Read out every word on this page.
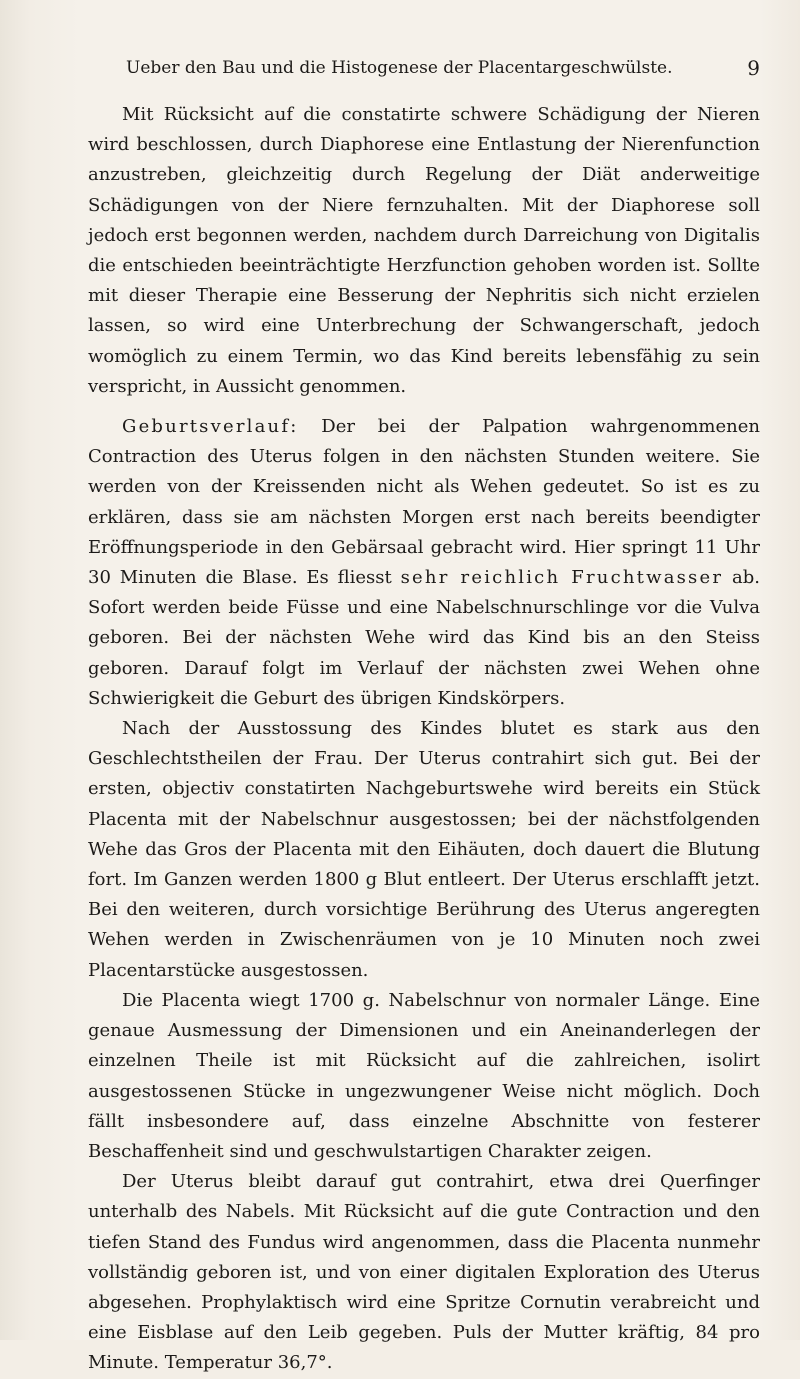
Ueber den Bau und die Histogenese der Placentargeschwülste.	9

Mit Rücksicht auf die constatirte schwere Schädigung der Nieren wird beschlossen, durch Diaphorese eine Entlastung der Nierenfunction anzustreben, gleichzeitig durch Regelung der Diät anderweitige Schädigungen von der Niere fernzuhalten. Mit der Diaphorese soll jedoch erst begonnen werden, nachdem durch Darreichung von Digitalis die entschieden beeinträchtigte Herzfunction gehoben worden ist. Sollte mit dieser Therapie eine Besserung der Nephritis sich nicht erzielen lassen, so wird eine Unterbrechung der Schwangerschaft, jedoch womöglich zu einem Termin, wo das Kind bereits lebensfähig zu sein verspricht, in Aussicht genommen.

Geburtsverlauf: Der bei der Palpation wahrgenommenen Contraction des Uterus folgen in den nächsten Stunden weitere. Sie werden von der Kreissenden nicht als Wehen gedeutet. So ist es zu erklären, dass sie am nächsten Morgen erst nach bereits beendigter Eröffnungsperiode in den Gebärsaal gebracht wird. Hier springt 11 Uhr 30 Minuten die Blase. Es fliesst sehr reichlich Fruchtwasser ab. Sofort werden beide Füsse und eine Nabelschnurschlinge vor die Vulva geboren. Bei der nächsten Wehe wird das Kind bis an den Steiss geboren. Darauf folgt im Verlauf der nächsten zwei Wehen ohne Schwierigkeit die Geburt des übrigen Kindskörpers.

Nach der Ausstossung des Kindes blutet es stark aus den Geschlechtstheilen der Frau. Der Uterus contrahirt sich gut. Bei der ersten, objectiv constatirten Nachgeburtswehe wird bereits ein Stück Placenta mit der Nabelschnur ausgestossen; bei der nächstfolgenden Wehe das Gros der Placenta mit den Eihäuten, doch dauert die Blutung fort. Im Ganzen werden 1800 g Blut entleert. Der Uterus erschlafft jetzt. Bei den weiteren, durch vorsichtige Berührung des Uterus angeregten Wehen werden in Zwischenräumen von je 10 Minuten noch zwei Placentarstücke ausgestossen.

Die Placenta wiegt 1700 g. Nabelschnur von normaler Länge. Eine genaue Ausmessung der Dimensionen und ein Aneinanderlegen der einzelnen Theile ist mit Rücksicht auf die zahlreichen, isolirt ausgestossenen Stücke in ungezwungener Weise nicht möglich. Doch fällt insbesondere auf, dass einzelne Abschnitte von festerer Beschaffenheit sind und geschwulstartigen Charakter zeigen.

Der Uterus bleibt darauf gut contrahirt, etwa drei Querfinger unterhalb des Nabels. Mit Rücksicht auf die gute Contraction und den tiefen Stand des Fundus wird angenommen, dass die Placenta nunmehr vollständig geboren ist, und von einer digitalen Exploration des Uterus abgesehen. Prophylaktisch wird eine Spritze Cornutin verabreicht und eine Eisblase auf den Leib gegeben. Puls der Mutter kräftig, 84 pro Minute. Temperatur 36,7°.
